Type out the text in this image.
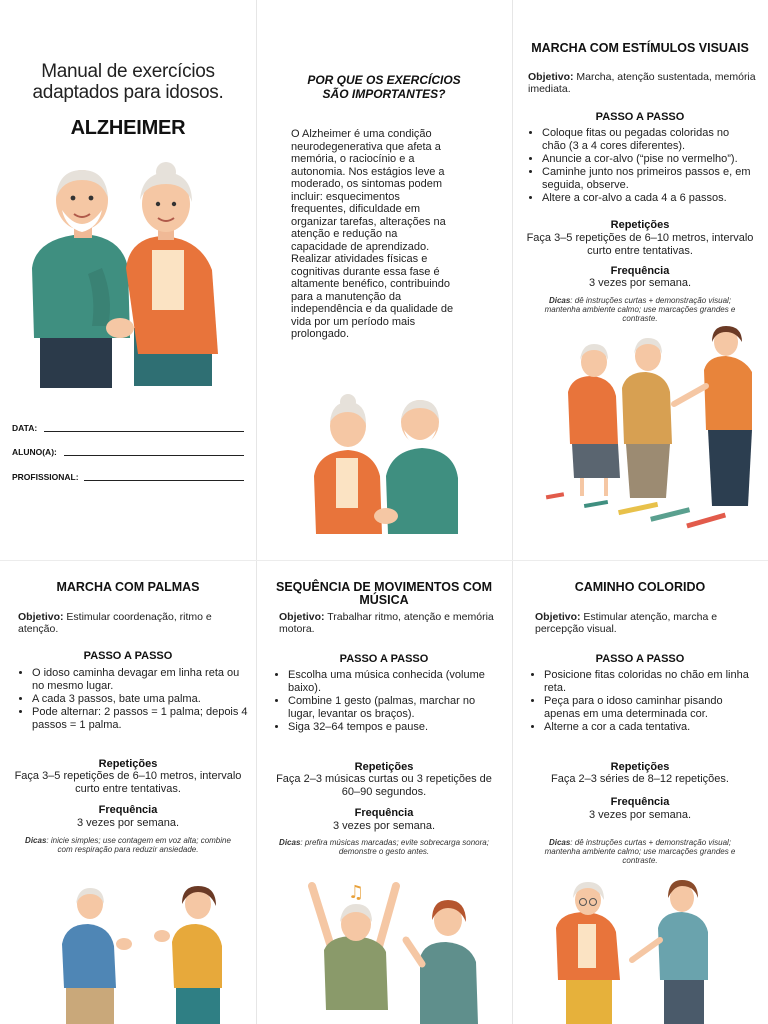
Manual de exercícios
adaptados para idosos.
ALZHEIMER
DATA:
ALUNO(A):
PROFISSIONAL:
POR QUE OS EXERCÍCIOS
SÃO IMPORTANTES?
O Alzheimer é uma condição
neurodegenerativa que afeta a
memória, o raciocínio e a
autonomia. Nos estágios leve a
moderado, os sintomas podem
incluir: esquecimentos
frequentes, dificuldade em
organizar tarefas, alterações na
atenção e redução na
capacidade de aprendizado.
Realizar atividades físicas e
cognitivas durante essa fase é
altamente benéfico, contribuindo
para a manutenção da
independência e da qualidade de
vida por um período mais
prolongado.
MARCHA COM ESTÍMULOS VISUAIS
Objetivo: Marcha, atenção sustentada, memória
imediata.
PASSO A PASSO
• Coloque fitas ou pegadas coloridas no
chão (3 a 4 cores diferentes).
• Anuncie a cor-alvo (“pise no vermelho”).
• Caminhe junto nos primeiros passos e, em
seguida, observe.
• Altere a cor-alvo a cada 4 a 6 passos.
Repetições
Faça 3–5 repetições de 6–10 metros, intervalo
curto entre tentativas.
Frequência
3 vezes por semana.
Dicas: dê instruções curtas + demonstração visual;
mantenha ambiente calmo; use marcações grandes e
contraste.
MARCHA COM PALMAS
Objetivo: Estimular coordenação, ritmo e
atenção.
PASSO A PASSO
• O idoso caminha devagar em linha reta ou
no mesmo lugar.
• A cada 3 passos, bate uma palma.
• Pode alternar: 2 passos = 1 palma; depois 4
passos = 1 palma.
Repetições
Faça 3–5 repetições de 6–10 metros, intervalo
curto entre tentativas.
Frequência
3 vezes por semana.
Dicas: inicie simples; use contagem em voz alta; combine
com respiração para reduzir ansiedade.
SEQUÊNCIA DE MOVIMENTOS COM
MÚSICA
Objetivo: Trabalhar ritmo, atenção e memória
motora.
PASSO A PASSO
• Escolha uma música conhecida (volume
baixo).
• Combine 1 gesto (palmas, marchar no
lugar, levantar os braços).
• Siga 32–64 tempos e pause.
Repetições
Faça 2–3 músicas curtas ou 3 repetições de
60–90 segundos.
Frequência
3 vezes por semana.
Dicas: prefira músicas marcadas; evite sobrecarga sonora;
demonstre o gesto antes.
♫
CAMINHO COLORIDO
Objetivo: Estimular atenção, marcha e
percepção visual.
PASSO A PASSO
• Posicione fitas coloridas no chão em linha
reta.
• Peça para o idoso caminhar pisando
apenas em uma determinada cor.
• Alterne a cor a cada tentativa.
Repetições
Faça 2–3 séries de 8–12 repetições.
Frequência
3 vezes por semana.
Dicas: dê instruções curtas + demonstração visual;
mantenha ambiente calmo; use marcações grandes e
contraste.
